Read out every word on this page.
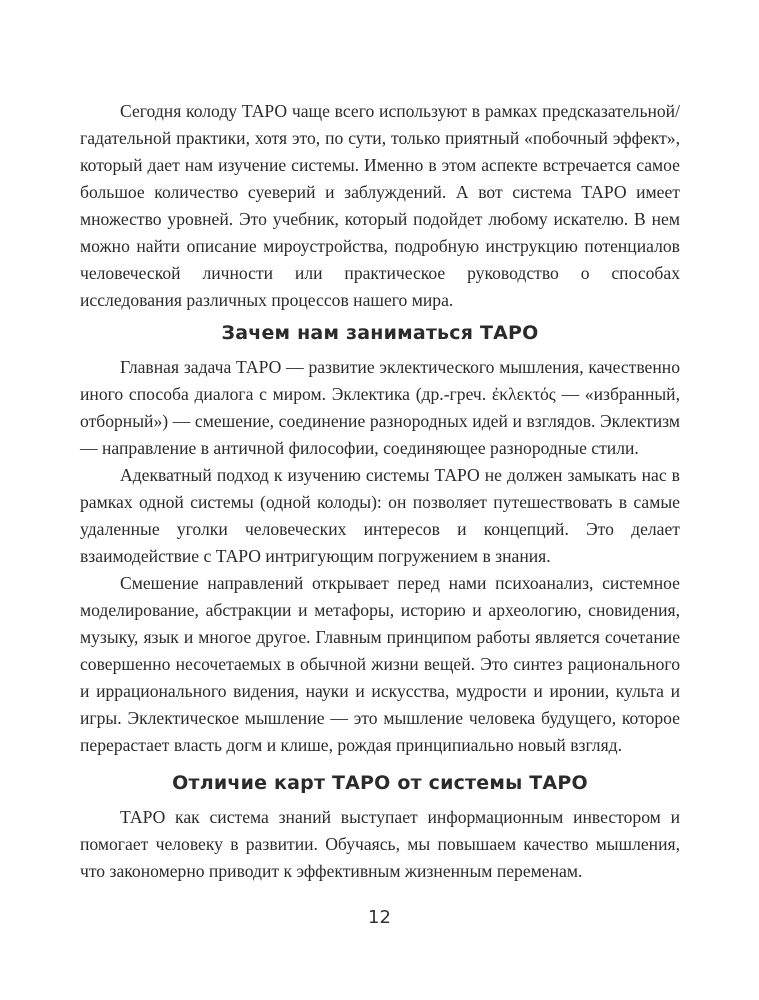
Сегодня колоду ТАРО чаще всего используют в рамках предсказательной/гадательной практики, хотя это, по сути, только приятный «побочный эффект», который дает нам изучение системы. Именно в этом аспекте встречается самое большое количество суеверий и заблуждений. А вот система ТАРО имеет множество уровней. Это учебник, который подойдет любому искателю. В нем можно найти описание мироустройства, подробную инструкцию потенциалов человеческой личности или практическое руководство о способах исследования различных процессов нашего мира.

Зачем нам заниматься ТАРО

Главная задача ТАРО — развитие эклектического мышления, качественно иного способа диалога с миром. Эклектика (др.-греч. ἐκλεκτός — «избранный, отборный») — смешение, соединение разнородных идей и взглядов. Эклектизм — направление в античной философии, соединяющее разнородные стили.

Адекватный подход к изучению системы ТАРО не должен замыкать нас в рамках одной системы (одной колоды): он позволяет путешествовать в самые удаленные уголки человеческих интересов и концепций. Это делает взаимодействие с ТАРО интригующим погружением в знания.

Смешение направлений открывает перед нами психоанализ, системное моделирование, абстракции и метафоры, историю и археологию, сновидения, музыку, язык и многое другое. Главным принципом работы является сочетание совершенно несочетаемых в обычной жизни вещей. Это синтез рационального и иррационального видения, науки и искусства, мудрости и иронии, культа и игры. Эклектическое мышление — это мышление человека будущего, которое перерастает власть догм и клише, рождая принципиально новый взгляд.

Отличие карт ТАРО от системы ТАРО

ТАРО как система знаний выступает информационным инвестором и помогает человеку в развитии. Обучаясь, мы повышаем качество мышления, что закономерно приводит к эффективным жизненным переменам.

12
